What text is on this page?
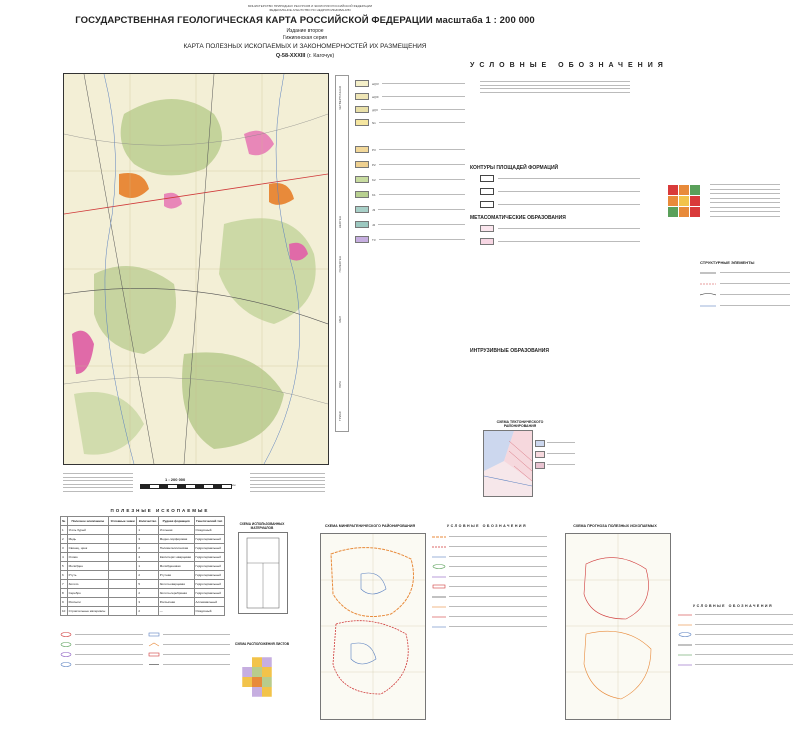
МИНИСТЕРСТВО ПРИРОДНЫХ РЕСУРСОВ И ЭКОЛОГИИ РОССИЙСКОЙ ФЕДЕРАЦИИ
ФЕДЕРАЛЬНОЕ АГЕНТСТВО ПО НЕДРОПОЛЬЗОВАНИЮ
ГОСУДАРСТВЕННАЯ ГЕОЛОГИЧЕСКАЯ КАРТА РОССИЙСКОЙ ФЕДЕРАЦИИ масштаба 1 : 200 000
Издание второе
Гижигинская серия
КАРТА ПОЛЕЗНЫХ ИСКОПАЕМЫХ И ЗАКОНОМЕРНОСТЕЙ ИХ РАЗМЕЩЕНИЯ
Q-58-XXXIII (г. Кагочук)
1 : 200 000
км
УСЛОВНЫЕ ОБОЗНАЧЕНИЯ
ЧЕТВЕРТИЧНАЯ
НЕОГЕН
ПАЛЕОГЕН
МЕЛ
ЮРА
ТРИАС
aQIV
aQIII
gQII
N1
P3
P2
K2
K1
J3
J2
T3
КОНТУРЫ ПЛОЩАДЕЙ ФОРМАЦИЙ
МЕТАСОМАТИЧЕСКИЕ ОБРАЗОВАНИЯ
ИНТРУЗИВНЫЕ ОБРАЗОВАНИЯ
СТРУКТУРНЫЕ ЭЛЕМЕНТЫ
СХЕМА ТЕКТОНИЧЕСКОГО РАЙОНИРОВАНИЯ
ПОЛЕЗНЫЕ ИСКОПАЕМЫЕ
№	Полезное ископаемое	Условные знаки	Количество	Рудная формация	Генетический тип
1	Уголь бурый		1	Угольная	Осадочный
2	Медь		3	Медно-порфировая	Гидротермальный
3	Свинец, цинк		2	Полиметаллическая	Гидротермальный
4	Олово		4	Касситерит-кварцевая	Гидротермальный
5	Молибден		1	Молибденовая	Гидротермальный
6	Ртуть		2	Ртутная	Гидротермальный
7	Золото		5	Золото-кварцевая	Гидротермальный
8	Серебро		2	Золото-серебряная	Гидротермальный
9	Россыпи		3	Россыпная	Аллювиальный
10	Строительные материалы		2	—	Осадочный
СХЕМА ИСПОЛЬЗОВАННЫХ МАТЕРИАЛОВ
СХЕМА РАСПОЛОЖЕНИЯ ЛИСТОВ
СХЕМА МИНЕРАГЕНИЧЕСКОГО РАЙОНИРОВАНИЯ	УСЛОВНЫЕ ОБОЗНАЧЕНИЯ	СХЕМА ПРОГНОЗА ПОЛЕЗНЫХ ИСКОПАЕМЫХ
УСЛОВНЫЕ ОБОЗНАЧЕНИЯ
